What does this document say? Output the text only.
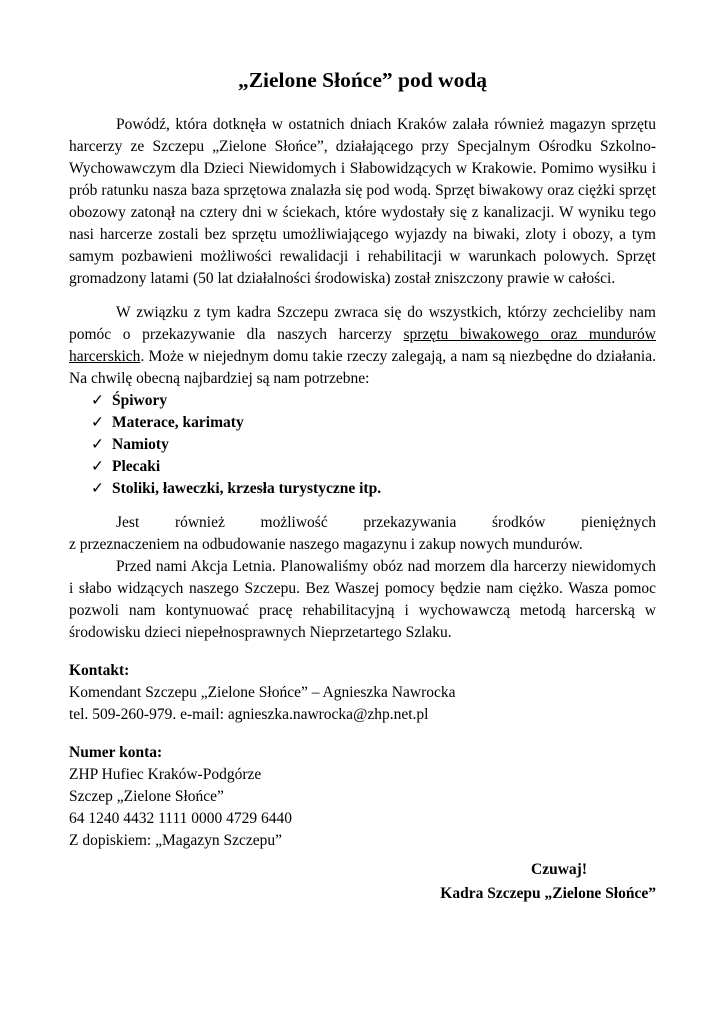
„Zielone Słońce” pod wodą

Powódź, która dotknęła w ostatnich dniach Kraków zalała również magazyn sprzętu harcerzy ze Szczepu „Zielone Słońce”, działającego przy Specjalnym Ośrodku Szkolno-Wychowawczym dla Dzieci Niewidomych i Słabowidzących w Krakowie. Pomimo wysiłku i prób ratunku nasza baza sprzętowa znalazła się pod wodą. Sprzęt biwakowy oraz ciężki sprzęt obozowy zatonął na cztery dni w ściekach, które wydostały się z kanalizacji. W wyniku tego nasi harcerze zostali bez sprzętu umożliwiającego wyjazdy na biwaki, zloty i obozy, a tym samym pozbawieni możliwości rewalidacji i rehabilitacji w warunkach polowych. Sprzęt gromadzony latami (50 lat działalności środowiska) został zniszczony prawie w całości.

W związku z tym kadra Szczepu zwraca się do wszystkich, którzy zechcieliby nam pomóc o przekazywanie dla naszych harcerzy sprzętu biwakowego oraz mundurów harcerskich. Może w niejednym domu takie rzeczy zalegają, a nam są niezbędne do działania. Na chwilę obecną najbardziej są nam potrzebne:

✓ Śpiwory
✓ Materace, karimaty
✓ Namioty
✓ Plecaki
✓ Stoliki, ławeczki, krzesła turystyczne itp.

Jest również możliwość przekazywania środków pieniężnych

z przeznaczeniem na odbudowanie naszego magazynu i zakup nowych mundurów.

Przed nami Akcja Letnia. Planowaliśmy obóz nad morzem dla harcerzy niewidomych i słabo widzących naszego Szczepu. Bez Waszej pomocy będzie nam ciężko. Wasza pomoc pozwoli nam kontynuować pracę rehabilitacyjną i wychowawczą metodą harcerską w środowisku dzieci niepełnosprawnych Nieprzetartego Szlaku.

Kontakt:
Komendant Szczepu „Zielone Słońce” – Agnieszka Nawrocka
tel. 509-260-979. e-mail: agnieszka.nawrocka@zhp.net.pl
Numer konta:
ZHP Hufiec Kraków-Podgórze
Szczep „Zielone Słońce”
64 1240 4432 1111 0000 4729 6440
Z dopiskiem: „Magazyn Szczepu”
Czuwaj!
Kadra Szczepu „Zielone Słońce”
